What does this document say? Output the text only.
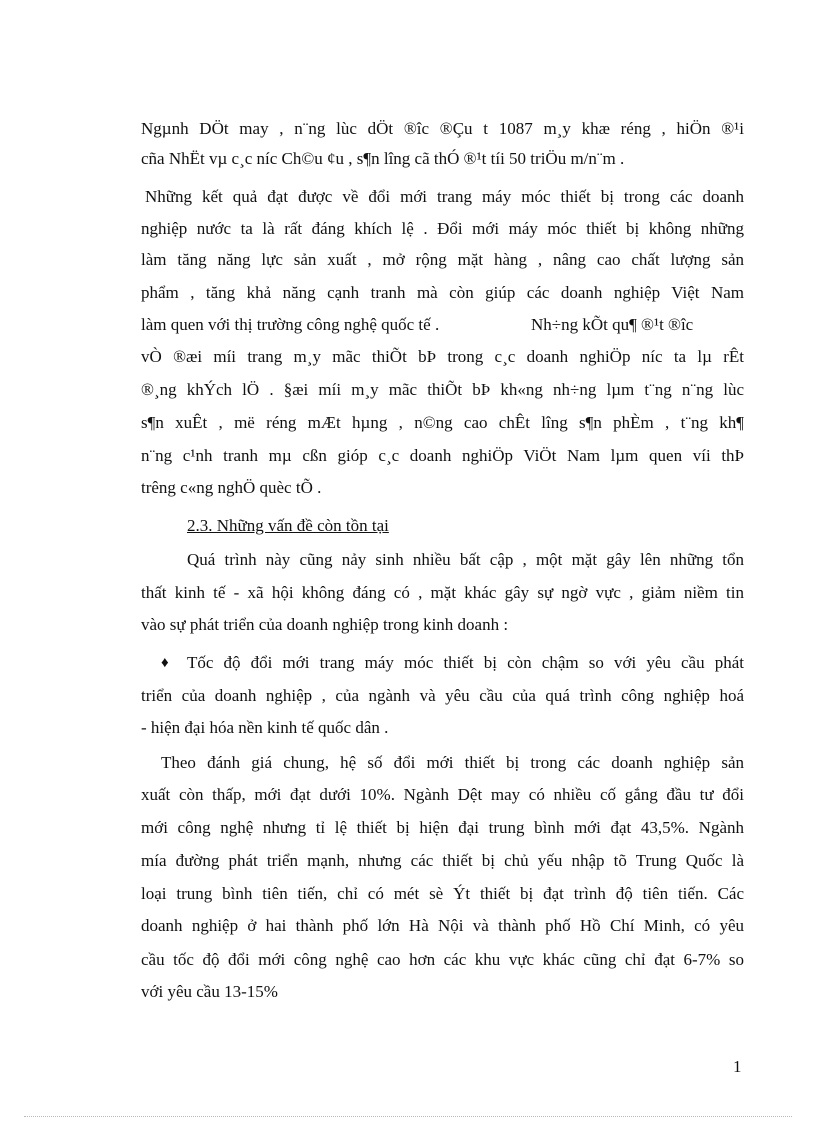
Ngµnh DÖt may , n¨ng lùc dÖt ®îc ®Çu t 1087 m¸y khæ réng , hiÖn ®¹i
cña NhËt vµ c¸c níc Ch©u ¢u , s¶n lîng cã thÓ ®¹t tíi 50 triÖu m/n¨m .
Những kết quả đạt được về đổi mới trang máy móc thiết bị trong các doanh
nghiệp nước ta là rất đáng khích lệ . Đổi mới máy móc thiết bị không những
làm tăng năng lực sản xuất , mở rộng mặt hàng , nâng cao chất lượng sản
phẩm , tăng khả năng cạnh tranh mà còn giúp các doanh nghiệp Việt Nam
làm quen với thị trường công nghệ quốc tế .	Nh÷ng kÕt qu¶ ®¹t ®îc
vÒ ®æi míi trang m¸y mãc thiÕt bÞ trong c¸c doanh nghiÖp níc ta lµ rÊt
®¸ng khÝch lÖ . §æi míi m¸y mãc thiÕt bÞ kh«ng nh÷ng lµm t¨ng n¨ng lùc
s¶n xuÊt , më réng mÆt hµng , n©ng cao chÊt lîng s¶n phÈm , t¨ng kh¶
n¨ng c¹nh tranh mµ cßn gióp c¸c doanh nghiÖp ViÖt Nam lµm quen víi thÞ
trêng c«ng nghÖ quèc tÕ .
2.3. Những vấn đề còn tồn tại
Quá trình này cũng nảy sinh nhiều bất cập , một mặt gây lên những tổn
thất kinh tế - xã hội không đáng có , mặt khác gây sự ngờ vực , giảm niềm tin
vào sự phát triển của doanh nghiệp trong kinh doanh :
♦ Tốc độ đổi mới trang máy móc thiết bị còn chậm so với yêu cầu phát
triển của doanh nghiệp , của ngành và yêu cầu của quá trình công nghiệp hoá
- hiện đại hóa nền kinh tế quốc dân .
Theo đánh giá chung, hệ số đổi mới thiết bị trong các doanh nghiệp sản
xuất còn thấp, mới đạt dưới 10%. Ngành Dệt may có nhiều cố gắng đầu tư đổi
mới công nghệ nhưng tỉ lệ thiết bị hiện đại trung bình mới đạt 43,5%. Ngành
mía đường phát triển mạnh, nhưng các thiết bị chủ yếu nhập tõ Trung Quốc là
loại trung bình tiên tiến, chỉ có mét sè Ýt thiết bị đạt trình độ tiên tiến. Các
doanh nghiệp ở hai thành phố lớn Hà Nội và thành phố Hồ Chí Minh, có yêu
cầu tốc độ đổi mới công nghệ cao hơn các khu vực khác cũng chỉ đạt 6-7% so
với yêu cầu 13-15%
1
